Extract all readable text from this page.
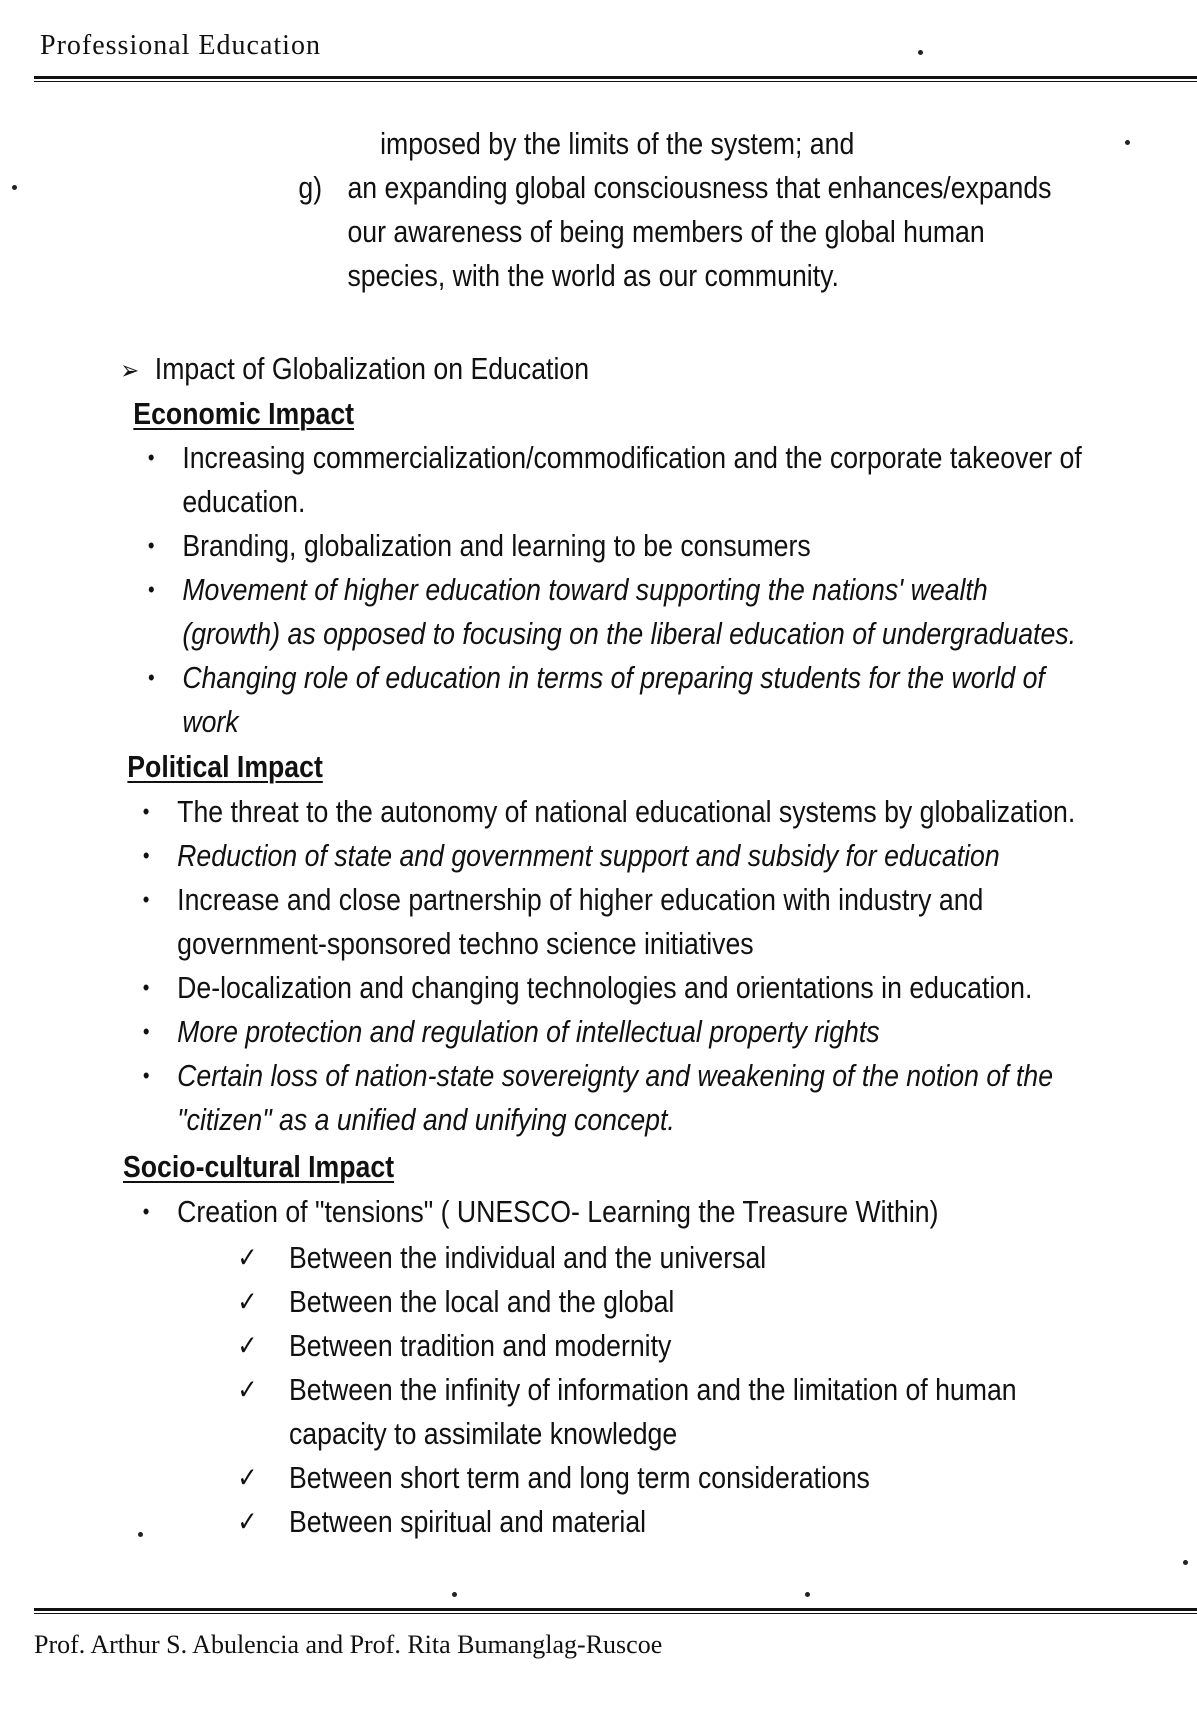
Professional Education
imposed by the limits of the system; and
g) an expanding global consciousness that enhances/expands our awareness of being members of the global human species, with the world as our community.
➢ Impact of Globalization on Education
Economic Impact
• Increasing commercialization/commodification and the corporate takeover of education.
• Branding, globalization and learning to be consumers
• Movement of higher education toward supporting the nations' wealth (growth) as opposed to focusing on the liberal education of undergraduates.
• Changing role of education in terms of preparing students for the world of work
Political Impact
• The threat to the autonomy of national educational systems by globalization.
• Reduction of state and government support and subsidy for education
• Increase and close partnership of higher education with industry and government-sponsored techno science initiatives
• De-localization and changing technologies and orientations in education.
• More protection and regulation of intellectual property rights
• Certain loss of nation-state sovereignty and weakening of the notion of the "citizen" as a unified and unifying concept.
Socio-cultural Impact
• Creation of "tensions" ( UNESCO- Learning the Treasure Within)
✓ Between the individual and the universal
✓ Between the local and the global
✓ Between tradition and modernity
✓ Between the infinity of information and the limitation of human capacity to assimilate knowledge
✓ Between short term and long term considerations
✓ Between spiritual and material
Prof. Arthur S. Abulencia and Prof. Rita Bumanglag-Ruscoe
